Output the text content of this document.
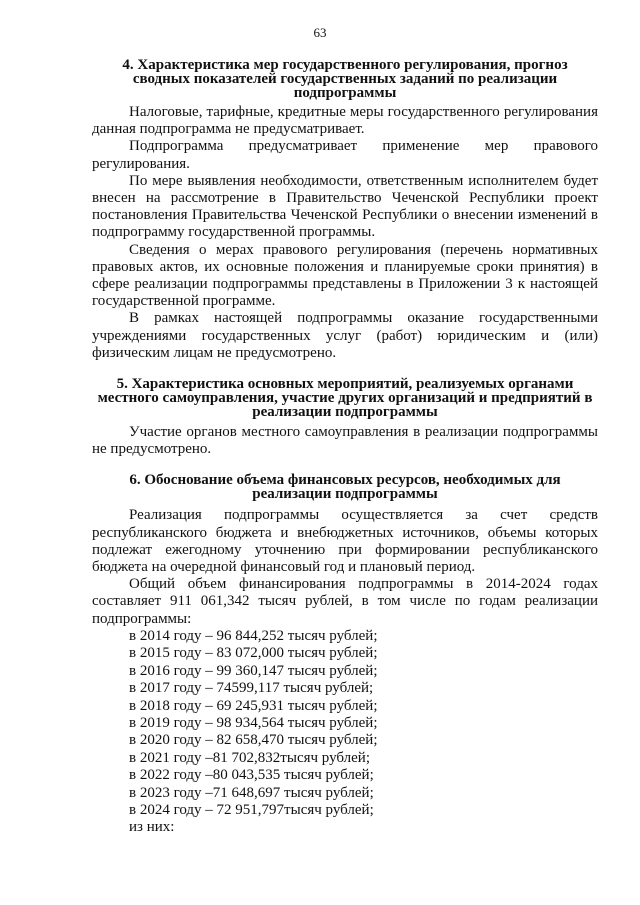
63
4. Характеристика мер государственного регулирования, прогноз сводных показателей государственных заданий по реализации подпрограммы

Налоговые, тарифные, кредитные меры государственного регулирования данная подпрограмма не предусматривает.

Подпрограмма предусматривает применение мер правового регулирования.

По мере выявления необходимости, ответственным исполнителем будет внесен на рассмотрение в Правительство Чеченской Республики проект постановления Правительства Чеченской Республики о внесении изменений в подпрограмму государственной программы.

Сведения о мерах правового регулирования (перечень нормативных правовых актов, их основные положения и планируемые сроки принятия) в сфере реализации подпрограммы представлены в Приложении 3 к настоящей государственной программе.

В рамках настоящей подпрограммы оказание государственными учреждениями государственных услуг (работ) юридическим и (или) физическим лицам не предусмотрено.

5. Характеристика основных мероприятий, реализуемых органами местного самоуправления, участие других организаций и предприятий в реализации подпрограммы

Участие органов местного самоуправления в реализации подпрограммы не предусмотрено.

6. Обоснование объема финансовых ресурсов, необходимых для реализации подпрограммы

Реализация подпрограммы осуществляется за счет средств республиканского бюджета и внебюджетных источников, объемы которых подлежат ежегодному уточнению при формировании республиканского бюджета на очередной финансовый год и плановый период.

Общий объем финансирования подпрограммы в 2014-2024 годах составляет 911 061,342 тысяч рублей, в том числе по годам реализации подпрограммы:

в 2014 году – 96 844,252 тысяч рублей;
в 2015 году – 83 072,000 тысяч рублей;
в 2016 году – 99 360,147 тысяч рублей;
в 2017 году – 74599,117 тысяч рублей;
в 2018 году – 69 245,931 тысяч рублей;
в 2019 году – 98 934,564 тысяч рублей;
в 2020 году – 82 658,470 тысяч рублей;
в 2021 году –81 702,832тысяч рублей;
в 2022 году –80 043,535 тысяч рублей;
в 2023 году –71 648,697 тысяч рублей;
в 2024 году – 72 951,797тысяч рублей;
из них:
